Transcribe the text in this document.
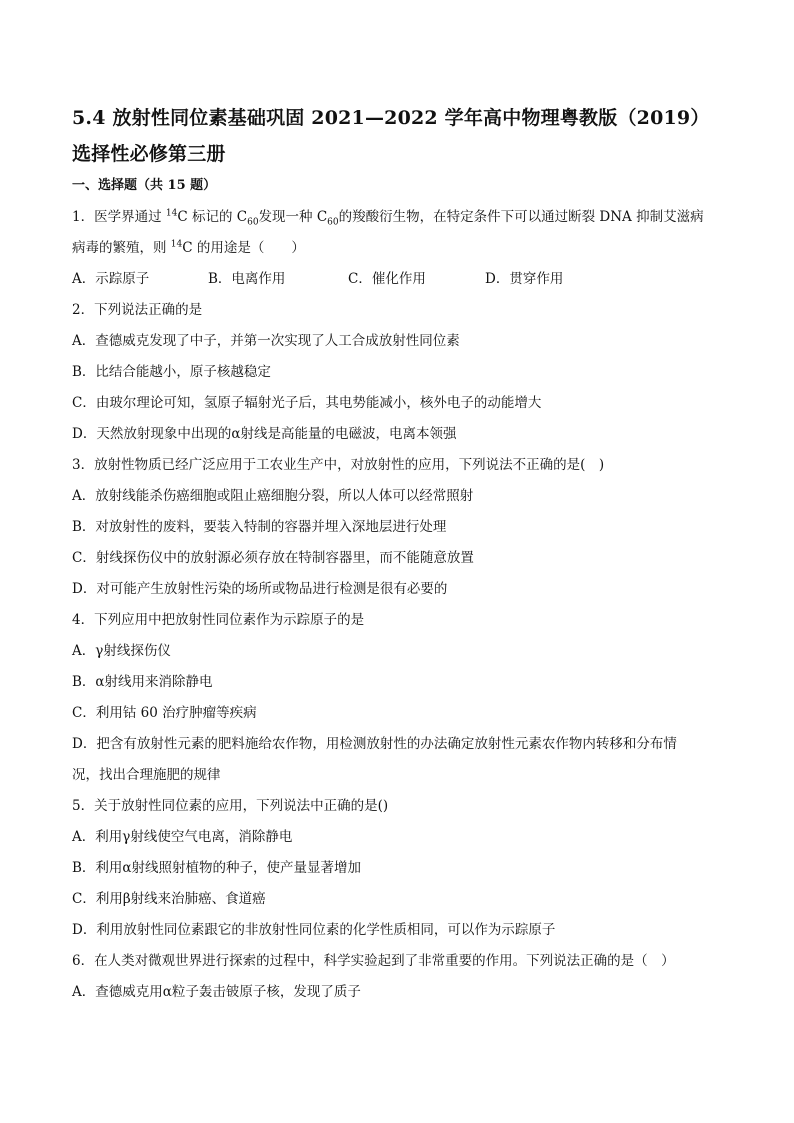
5.4 放射性同位素基础巩固 2021—2022 学年高中物理粤教版（2019）
选择性必修第三册
一、选择题（共 15 题）

1．医学界通过 $^{14}$C 标记的 $C_{60}$发现一种 $C_{60}$的羧酸衍生物，在特定条件下可以通过断裂 DNA 抑制艾滋病

病毒的繁殖，则 $^{14}$C 的用途是（　　）

A．示踪原子	B．电离作用	C．催化作用	D．贯穿作用

2．下列说法正确的是

A．查德威克发现了中子，并第一次实现了人工合成放射性同位素

B．比结合能越小，原子核越稳定

C．由玻尔理论可知，氢原子辐射光子后，其电势能减小，核外电子的动能增大

D．天然放射现象中出现的α射线是高能量的电磁波，电离本领强

3．放射性物质已经广泛应用于工农业生产中，对放射性的应用，下列说法不正确的是(　)

A．放射线能杀伤癌细胞或阻止癌细胞分裂，所以人体可以经常照射

B．对放射性的废料，要装入特制的容器并埋入深地层进行处理

C．射线探伤仪中的放射源必须存放在特制容器里，而不能随意放置

D．对可能产生放射性污染的场所或物品进行检测是很有必要的

4．下列应用中把放射性同位素作为示踪原子的是

A．γ射线探伤仪

B．α射线用来消除静电

C．利用钴 60 治疗肿瘤等疾病

D．把含有放射性元素的肥料施给农作物，用检测放射性的办法确定放射性元素农作物内转移和分布情

况，找出合理施肥的规律

5．关于放射性同位素的应用，下列说法中正确的是()

A．利用γ射线使空气电离，消除静电

B．利用α射线照射植物的种子，使产量显著增加

C．利用β射线来治肺癌、食道癌

D．利用放射性同位素跟它的非放射性同位素的化学性质相同，可以作为示踪原子

6．在人类对微观世界进行探索的过程中，科学实验起到了非常重要的作用。下列说法正确的是（　）

A．查德威克用α粒子轰击铍原子核，发现了质子
